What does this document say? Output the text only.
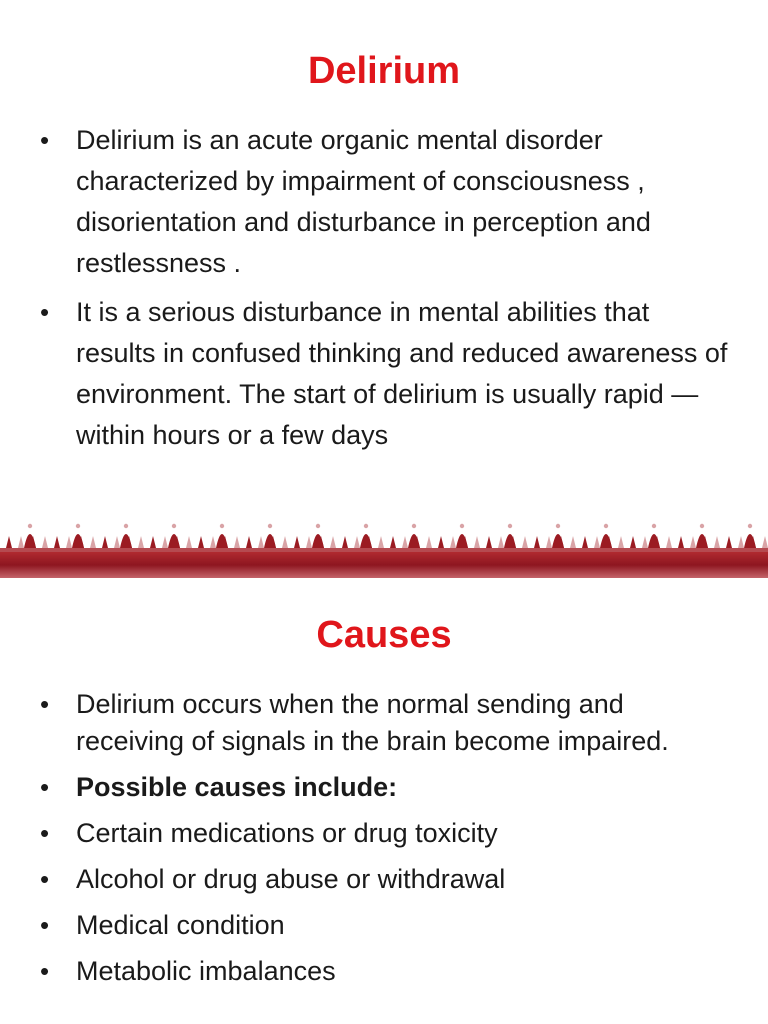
Delirium
• Delirium is an acute organic mental disorder characterized by impairment of consciousness , disorientation and disturbance in perception and restlessness .
• It is a serious disturbance in mental abilities that results in confused thinking and reduced awareness of environment. The start of delirium is usually rapid — within hours or a few days
Causes
• Delirium occurs when the normal sending and receiving of signals in the brain become impaired.
• Possible causes include:
• Certain medications or drug toxicity
• Alcohol or drug abuse or withdrawal
• Medical condition
• Metabolic imbalances
